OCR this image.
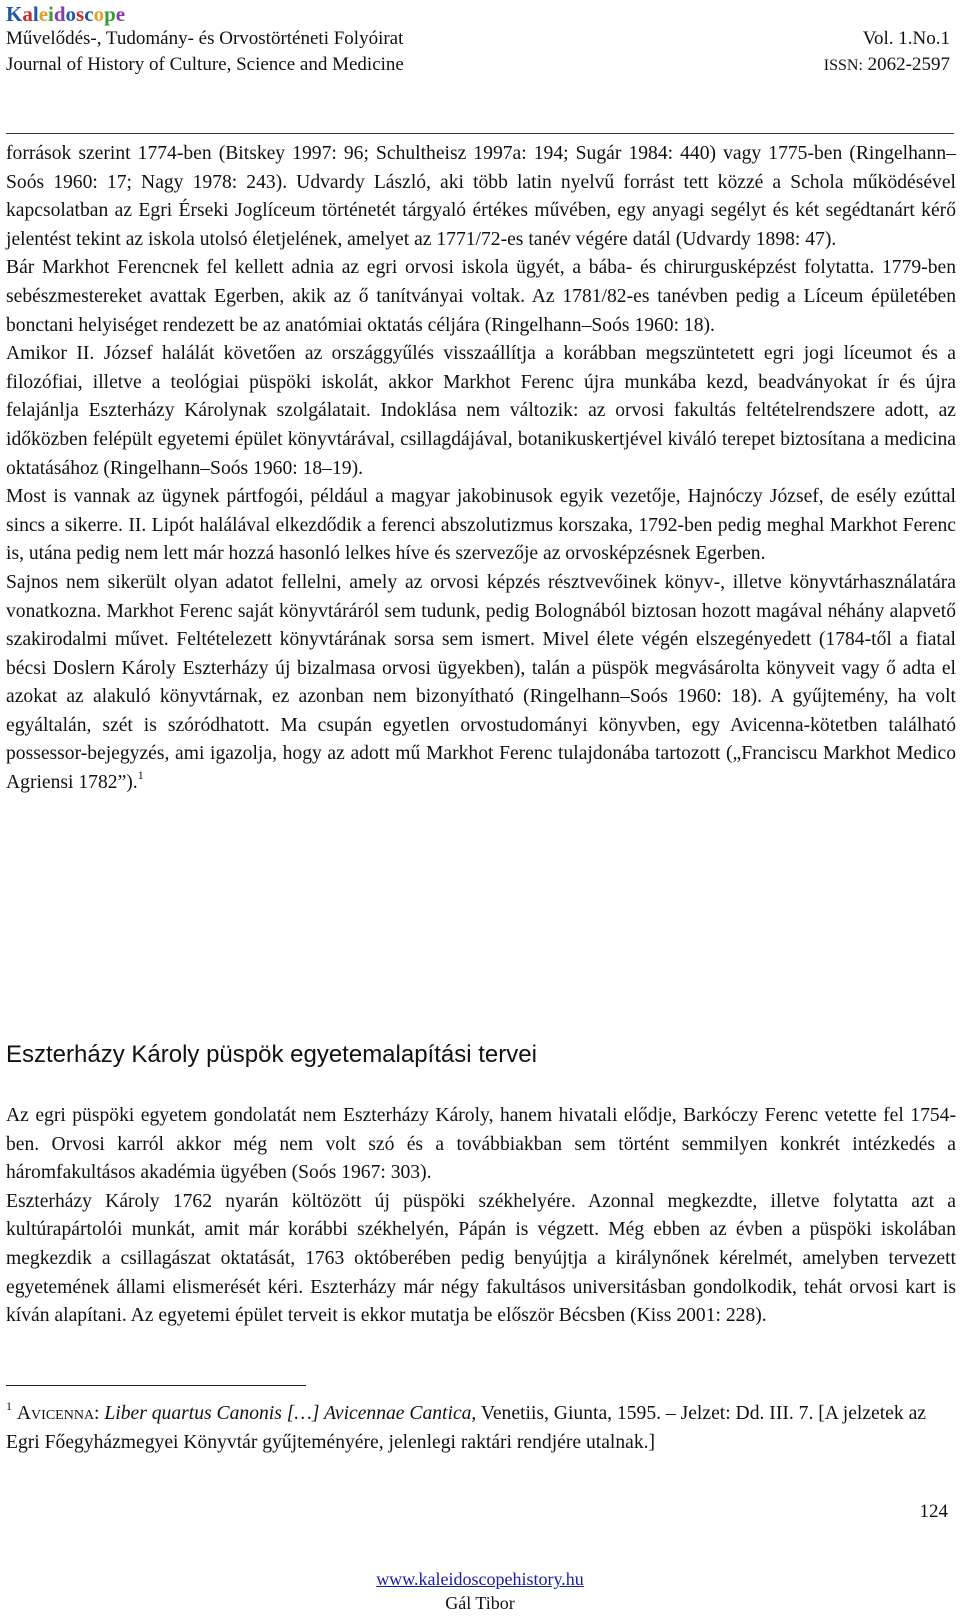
Kaleidoscope
Művelődés-, Tudomány- és Orvostörténeti Folyóirat	Vol. 1.No.1
Journal of History of Culture, Science and Medicine	ISSN: 2062-2597

források szerint 1774-ben (Bitskey 1997: 96; Schultheisz 1997a: 194; Sugár 1984: 440) vagy 1775-ben (Ringelhann–Soós 1960: 17; Nagy 1978: 243). Udvardy László, aki több latin nyelvű forrást tett közzé a Schola működésével kapcsolatban az Egri Érseki Joglíceum történetét tárgyaló értékes művében, egy anyagi segélyt és két segédtanárt kérő jelentést tekint az iskola utolsó életjelének, amelyet az 1771/72-es tanév végére datál (Udvardy 1898: 47).

Bár Markhot Ferencnek fel kellett adnia az egri orvosi iskola ügyét, a bába- és chirurgusképzést folytatta. 1779-ben sebészmestereket avattak Egerben, akik az ő tanítványai voltak. Az 1781/82-es tanévben pedig a Líceum épületében bonctani helyiséget rendezett be az anatómiai oktatás céljára (Ringelhann–Soós 1960: 18).

Amikor II. József halálát követően az országgyűlés visszaállítja a korábban megszüntetett egri jogi líceumot és a filozófiai, illetve a teológiai püspöki iskolát, akkor Markhot Ferenc újra munkába kezd, beadványokat ír és újra felajánlja Eszterházy Károlynak szolgálatait. Indoklása nem változik: az orvosi fakultás feltételrendszere adott, az időközben felépült egyetemi épület könyvtárával, csillagdájával, botanikuskertjével kiváló terepet biztosítana a medicina oktatásához (Ringelhann–Soós 1960: 18–19).

Most is vannak az ügynek pártfogói, például a magyar jakobinusok egyik vezetője, Hajnóczy József, de esély ezúttal sincs a sikerre. II. Lipót halálával elkezdődik a ferenci abszolutizmus korszaka, 1792-ben pedig meghal Markhot Ferenc is, utána pedig nem lett már hozzá hasonló lelkes híve és szervezője az orvosképzésnek Egerben.

Sajnos nem sikerült olyan adatot fellelni, amely az orvosi képzés résztvevőinek könyv-, illetve könyvtárhasználatára vonatkozna. Markhot Ferenc saját könyvtáráról sem tudunk, pedig Bolognából biztosan hozott magával néhány alapvető szakirodalmi művet. Feltételezett könyvtárának sorsa sem ismert. Mivel élete végén elszegényedett (1784-től a fiatal bécsi Doslern Károly Eszterházy új bizalmasa orvosi ügyekben), talán a püspök megvásárolta könyveit vagy ő adta el azokat az alakuló könyvtárnak, ez azonban nem bizonyítható (Ringelhann–Soós 1960: 18). A gyűjtemény, ha volt egyáltalán, szét is szóródhatott. Ma csupán egyetlen orvostudományi könyvben, egy Avicenna-kötetben található possessor-bejegyzés, ami igazolja, hogy az adott mű Markhot Ferenc tulajdonába tartozott („Franciscu Markhot Medico Agriensi 1782”).$^1$

Eszterházy Károly püspök egyetemalapítási tervei

Az egri püspöki egyetem gondolatát nem Eszterházy Károly, hanem hivatali elődje, Barkóczy Ferenc vetette fel 1754-ben. Orvosi karról akkor még nem volt szó és a továbbiakban sem történt semmilyen konkrét intézkedés a háromfakultásos akadémia ügyében (Soós 1967: 303).

Eszterházy Károly 1762 nyarán költözött új püspöki székhelyére. Azonnal megkezdte, illetve folytatta azt a kultúrapártolói munkát, amit már korábbi székhelyén, Pápán is végzett. Még ebben az évben a püspöki iskolában megkezdik a csillagászat oktatását, 1763 októberében pedig benyújtja a királynőnek kérelmét, amelyben tervezett egyetemének állami elismerését kéri. Eszterházy már négy fakultásos universitásban gondolkodik, tehát orvosi kart is kíván alapítani. Az egyetemi épület terveit is ekkor mutatja be először Bécsben (Kiss 2001: 228).

$^1$ Avicenna: Liber quartus Canonis […] Avicennae Cantica, Venetiis, Giunta, 1595. – Jelzet: Dd. III. 7. [A jelzetek az Egri Főegyházmegyei Könyvtár gyűjteményére, jelenlegi raktári rendjére utalnak.]

124
www.kaleidoscopehistory.hu
Gál Tibor
